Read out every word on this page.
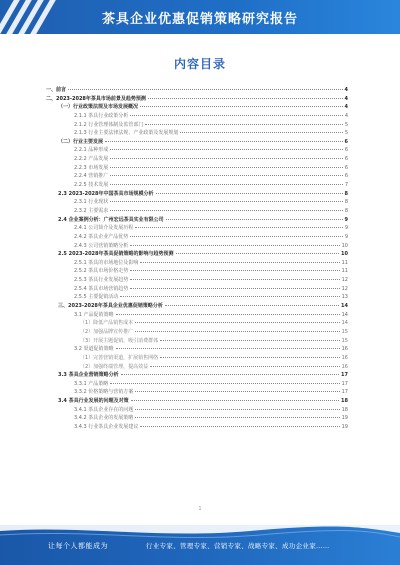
茶具企业优惠促销策略研究报告
内容目录
一、前言	4
二、2023-2028年茶具市场前景及趋势预测	4
（一）行业政策法规及市场发展概况	4
2.1.1 茶具行业政策分析	4
2.1.2 行业管理体制及监管部门	5
2.1.3 行业主要法律法规、产业政策及发展规划	5
（二）行业主要发展	6
2.2.1 品种形成	6
2.2.2 产品发展	6
2.2.3 市场发展	6
2.2.4 营销推广	6
2.2.5 技术发展	7
2.3 2023-2028年中国茶具市场规模分析	8
2.3.1 行业现状	8
2.3.2 主要需求	8
2.4 企业案例分析：广州宏远茶具实业有限公司	9
2.4.1 公司简介及发展历程	9
2.4.2 茶具企业产品优势	9
2.4.3 公司营销策略分析	10
2.5 2023-2028年茶具促销策略的影响与趋势预测	10
2.5.1 茶具的市场地位及影响	11
2.5.2 茶具市场价格走势	11
2.5.3 茶具行业发展趋势	12
2.5.4 茶具市场营销趋势	12
2.5.5 主要促销活动	13
三、2023-2028年茶具企业优惠促销策略分析	14
3.1 产品促销策略	14
（1）降低产品销售成本	14
（2）加强品牌宣传推广	15
（3）开展主题促销，吸引消费群体	15
3.2 渠道促销策略	16
（1）完善营销渠道，扩展销售网络	16
（2）加强终端管理，提高效益	16
3.3 茶具企业营销策略分析	17
3.3.1 产品策略	17
3.3.2 价格策略与营销方案	17
3.4 茶具行业发展的问题及对策	18
3.4.1 茶具企业存在的问题	18
3.4.2 茶具企业的发展策略	19
3.4.3 行业茶具企业发展建议	19
1
让每个人都能成为	行业专家、管理专家、营销专家、战略专家、成功企业家……
